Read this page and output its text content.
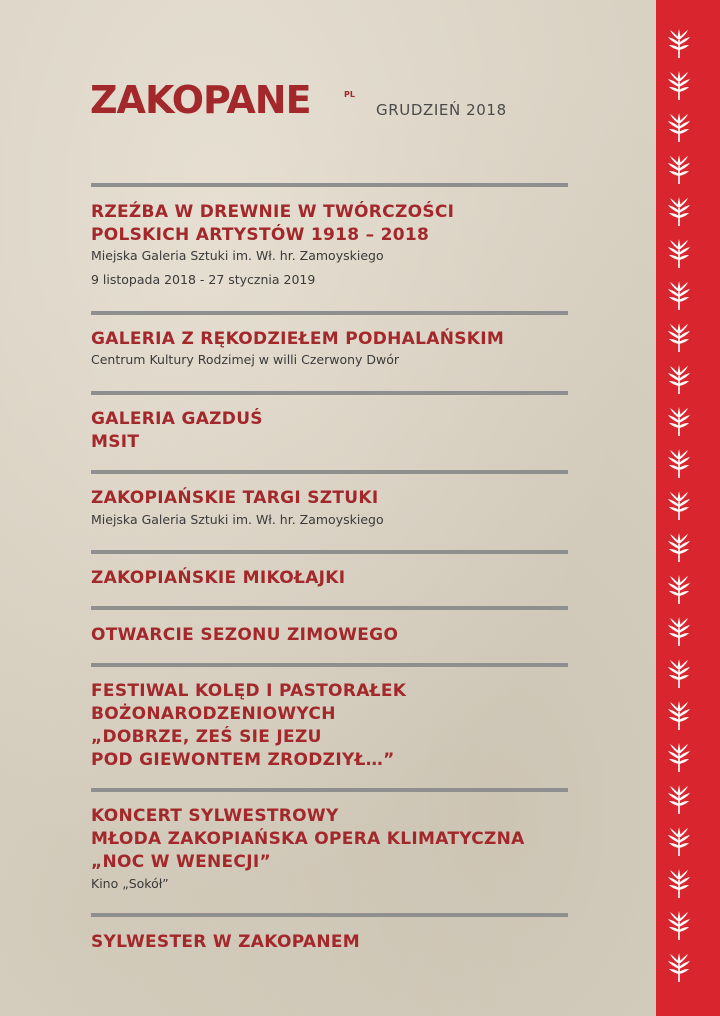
ZAKOPANE	PL
GRUDZIEŃ 2018
RZEŹBA W DREWNIE W TWÓRCZOŚCI
POLSKICH ARTYSTÓW 1918 – 2018
Miejska Galeria Sztuki im. Wł. hr. Zamoyskiego
9 listopada 2018 - 27 stycznia 2019
GALERIA Z RĘKODZIEŁEM PODHALAŃSKIM
Centrum Kultury Rodzimej w willi Czerwony Dwór
GALERIA GAZDUŚ
MSIT
ZAKOPIAŃSKIE TARGI SZTUKI
Miejska Galeria Sztuki im. Wł. hr. Zamoyskiego
ZAKOPIAŃSKIE MIKOŁAJKI
OTWARCIE SEZONU ZIMOWEGO
FESTIWAL KOLĘD I PASTORAŁEK
BOŻONARODZENIOWYCH
„DOBRZE, ZEŚ SIE JEZU
POD GIEWONTEM ZRODZIYŁ…”
KONCERT SYLWESTROWY
MŁODA ZAKOPIAŃSKA OPERA KLIMATYCZNA
„NOC W WENECJI”
Kino „Sokół”
SYLWESTER W ZAKOPANEM
